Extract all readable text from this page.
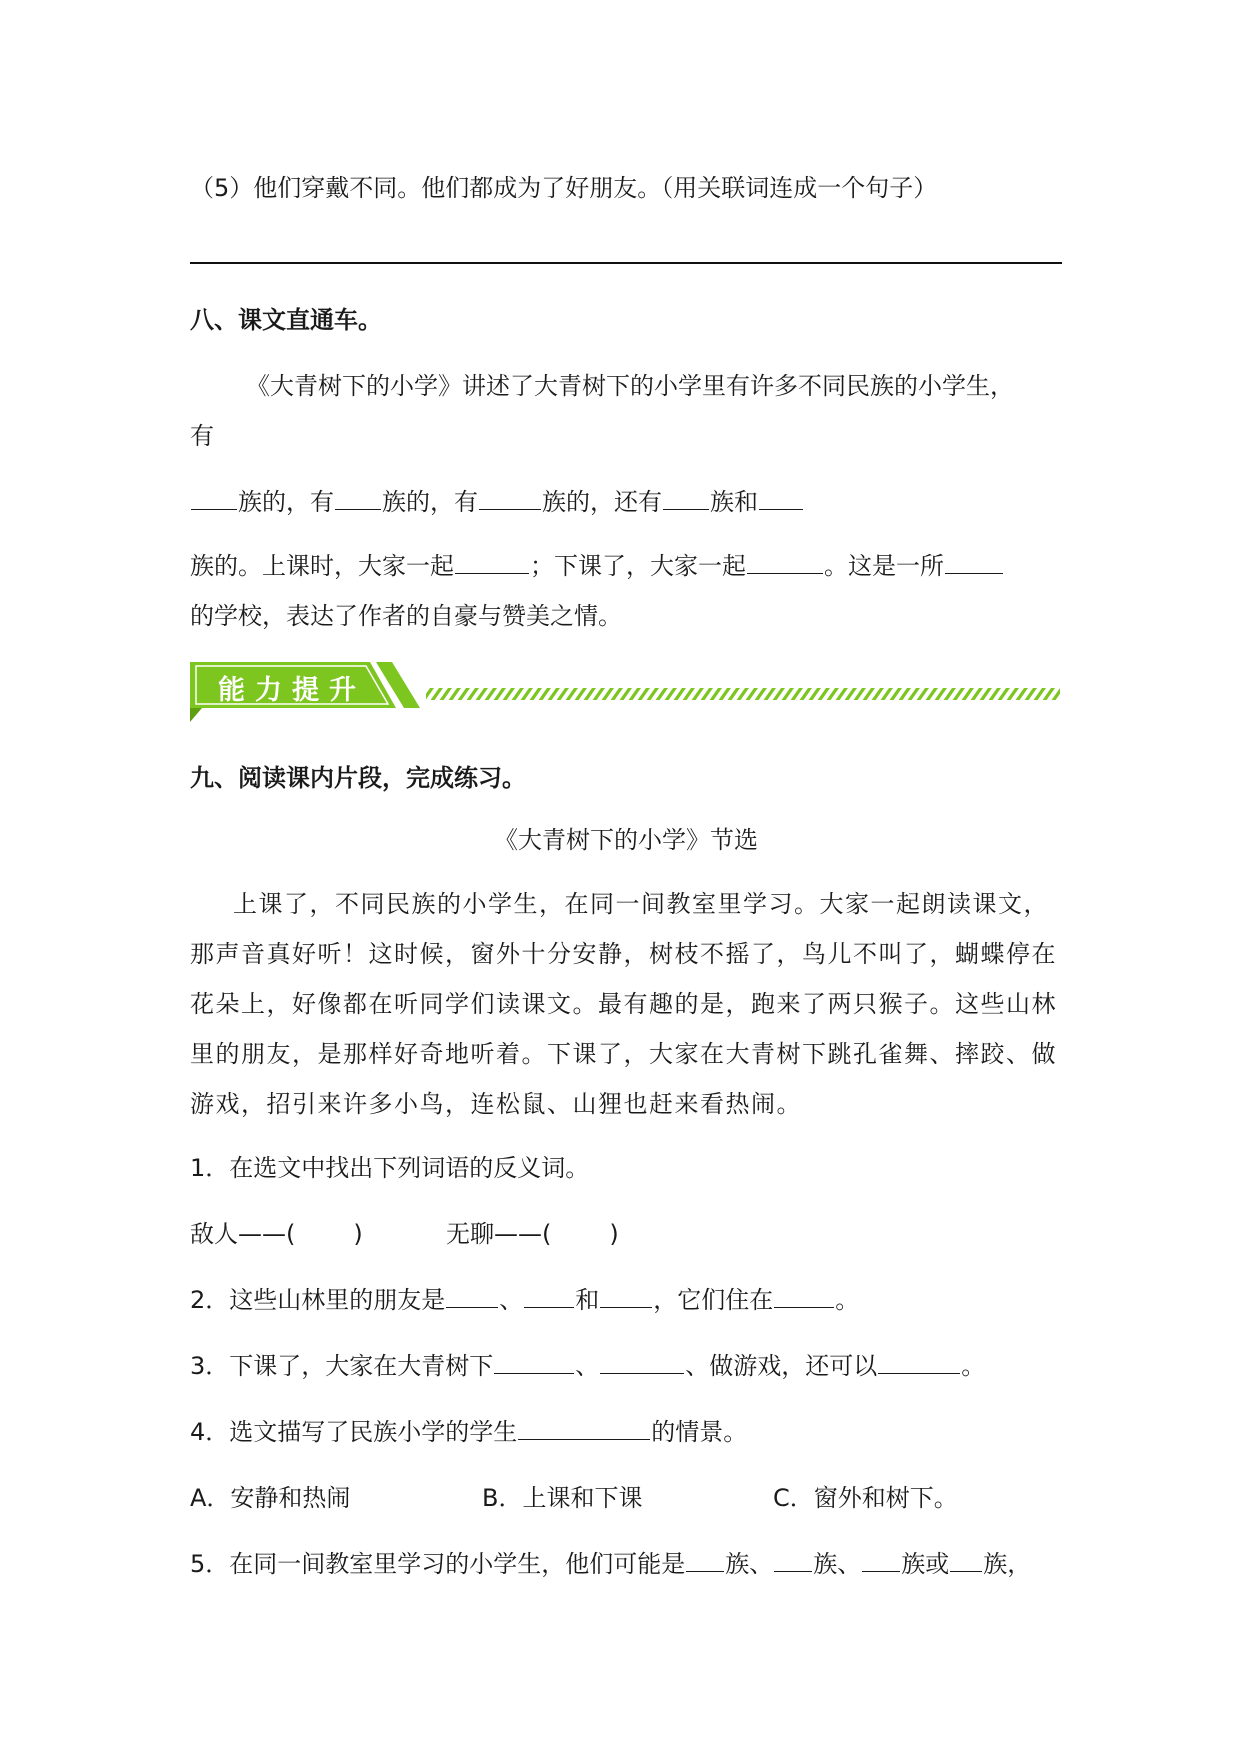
（5）他们穿戴不同。他们都成为了好朋友。（用关联词连成一个句子）
八、课文直通车。
《大青树下的小学》讲述了大青树下的小学里有许多不同民族的小学生，
有
族的，有 族的，有	族的，还有 族和
族的。上课时，大家一起	；下课了，大家一起	。这是一所
的学校，表达了作者的自豪与赞美之情。
能力提升
九、阅读课内片段，完成练习。
《大青树下的小学》节选
上课了，不同民族的小学生，在同一间教室里学习。大家一起朗读课文，
那声音真好听！这时候，窗外十分安静，树枝不摇了，鸟儿不叫了，蝴蝶停在
花朵上，好像都在听同学们读课文。最有趣的是，跑来了两只猴子。这些山林
里的朋友，是那样好奇地听着。下课了，大家在大青树下跳孔雀舞、摔跤、做
游戏，招引来许多小鸟，连松鼠、山狸也赶来看热闹。
1．在选文中找出下列词语的反义词。
敌人——( )	无聊——( )
2．这些山林里的朋友是 、 和 ，它们住在	。
3．下课了，大家在大青树下	、	、做游戏，还可以	。
4．选文描写了民族小学的学生	的情景。
A．安静和热闹	B．上课和下课	C．窗外和树下。
5．在同一间教室里学习的小学生，他们可能是 族、 族、 族或 族，
